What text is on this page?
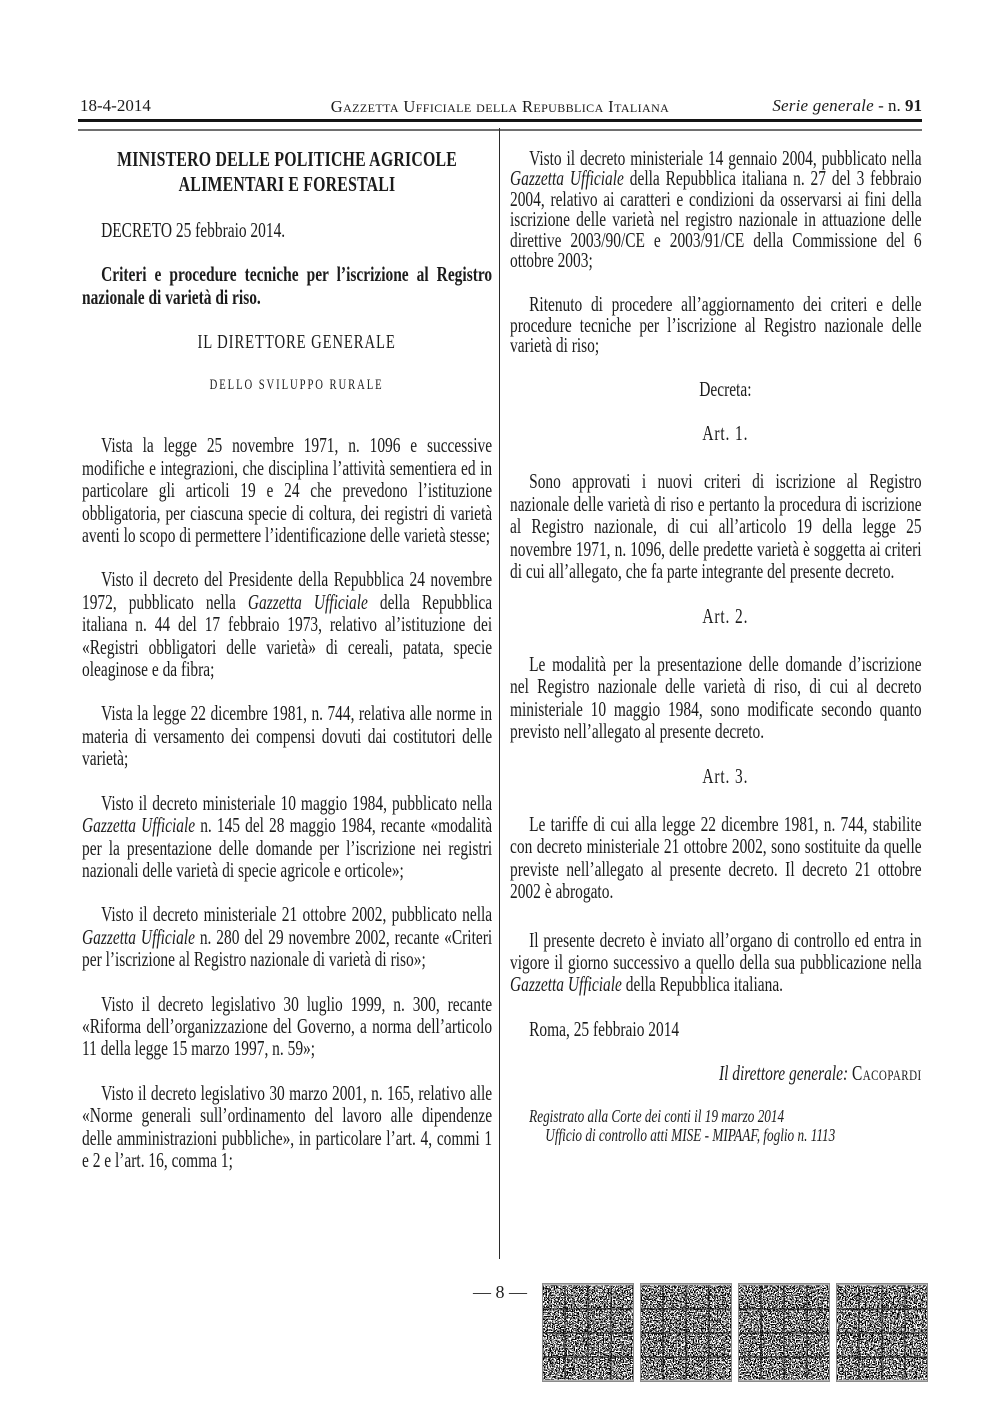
18-4-2014	Gazzetta Ufficiale della Repubblica Italiana	Serie generale - n. 91
MINISTERO DELLE POLITICHE AGRICOLE ALIMENTARI E FORESTALI

DECRETO 25 febbraio 2014.

Criteri e procedure tecniche per l’iscrizione al Registro nazionale di varietà di riso.

IL DIRETTORE GENERALE

DELLO SVILUPPO RURALE

Vista la legge 25 novembre 1971, n. 1096 e successive modifiche e integrazioni, che disciplina l’attività sementiera ed in particolare gli articoli 19 e 24 che prevedono l’istituzione obbligatoria, per ciascuna specie di coltura, dei registri di varietà aventi lo scopo di permettere l’identificazione delle varietà stesse;

Visto il decreto del Presidente della Repubblica 24 novembre 1972, pubblicato nella Gazzetta Ufficiale della Repubblica italiana n. 44 del 17 febbraio 1973, relativo al’istituzione dei «Registri obbligatori delle varietà» di cereali, patata, specie oleaginose e da fibra;

Vista la legge 22 dicembre 1981, n. 744, relativa alle norme in materia di versamento dei compensi dovuti dai costitutori delle varietà;

Visto il decreto ministeriale 10 maggio 1984, pubblicato nella Gazzetta Ufficiale n. 145 del 28 maggio 1984, recante «modalità per la presentazione delle domande per l’iscrizione nei registri nazionali delle varietà di specie agricole e orticole»;

Visto il decreto ministeriale 21 ottobre 2002, pubblicato nella Gazzetta Ufficiale n. 280 del 29 novembre 2002, recante «Criteri per l’iscrizione al Registro nazionale di varietà di riso»;

Visto il decreto legislativo 30 luglio 1999, n. 300, recante «Riforma dell’organizzazione del Governo, a norma dell’articolo 11 della legge 15 marzo 1997, n. 59»;

Visto il decreto legislativo 30 marzo 2001, n. 165, relativo alle «Norme generali sull’ordinamento del lavoro alle dipendenze delle amministrazioni pubbliche», in particolare l’art. 4, commi 1 e 2 e l’art. 16, comma 1;

Visto il decreto ministeriale 14 gennaio 2004, pubblicato nella Gazzetta Ufficiale della Repubblica italiana n. 27 del 3 febbraio 2004, relativo ai caratteri e condizioni da osservarsi ai fini della iscrizione delle varietà nel registro nazionale in attuazione delle direttive 2003/90/CE e 2003/91/CE della Commissione del 6 ottobre 2003;

Ritenuto di procedere all’aggiornamento dei criteri e delle procedure tecniche per l’iscrizione al Registro nazionale delle varietà di riso;

Decreta:

Art. 1.

Sono approvati i nuovi criteri di iscrizione al Registro nazionale delle varietà di riso e pertanto la procedura di iscrizione al Registro nazionale, di cui all’articolo 19 della legge 25 novembre 1971, n. 1096, delle predette varietà è soggetta ai criteri di cui all’allegato, che fa parte integrante del presente decreto.

Art. 2.

Le modalità per la presentazione delle domande d’iscrizione nel Registro nazionale delle varietà di riso, di cui al decreto ministeriale 10 maggio 1984, sono modificate secondo quanto previsto nell’allegato al presente decreto.

Art. 3.

Le tariffe di cui alla legge 22 dicembre 1981, n. 744, stabilite con decreto ministeriale 21 ottobre 2002, sono sostituite da quelle previste nell’allegato al presente decreto. Il decreto 21 ottobre 2002 è abrogato.

Il presente decreto è inviato all’organo di controllo ed entra in vigore il giorno successivo a quello della sua pubblicazione nella Gazzetta Ufficiale della Repubblica italiana.

Roma, 25 febbraio 2014

Il direttore generale: Cacopardi

Registrato alla Corte dei conti il 19 marzo 2014
Ufficio di controllo atti MISE - MIPAAF, foglio n. 1113

— 8 —
